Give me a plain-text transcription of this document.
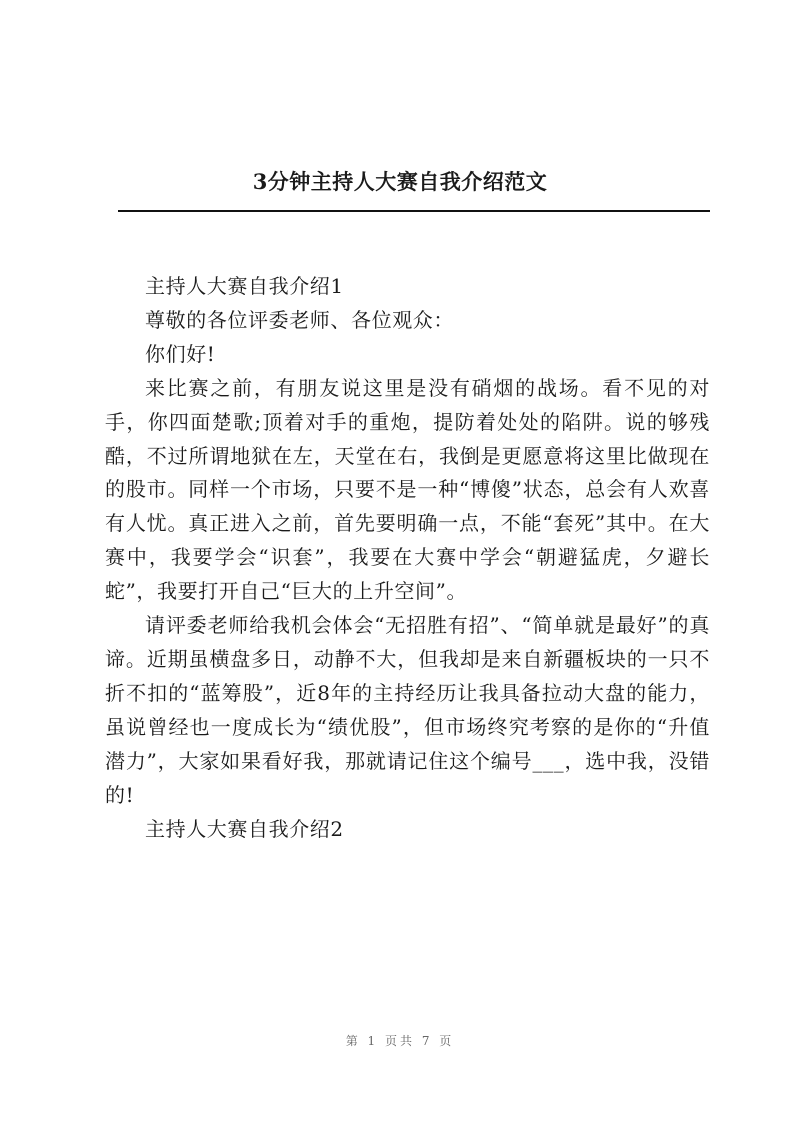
3分钟主持人大赛自我介绍范文

主持人大赛自我介绍1

尊敬的各位评委老师、各位观众：

你们好!

来比赛之前，有朋友说这里是没有硝烟的战场。看不见的对手，你四面楚歌;顶着对手的重炮，提防着处处的陷阱。说的够残酷，不过所谓地狱在左，天堂在右，我倒是更愿意将这里比做现在的股市。同样一个市场，只要不是一种“博傻”状态，总会有人欢喜有人忧。真正进入之前，首先要明确一点，不能“套死”其中。在大赛中，我要学会“识套”，我要在大赛中学会“朝避猛虎，夕避长蛇”，我要打开自己“巨大的上升空间”。

请评委老师给我机会体会“无招胜有招”、“简单就是最好”的真谛。近期虽横盘多日，动静不大，但我却是来自新疆板块的一只不折不扣的“蓝筹股”，近8年的主持经历让我具备拉动大盘的能力，虽说曾经也一度成长为“绩优股”，但市场终究考察的是你的“升值潜力”，大家如果看好我，那就请记住这个编号___，选中我，没错的!

主持人大赛自我介绍2

第 1 页共 7 页
